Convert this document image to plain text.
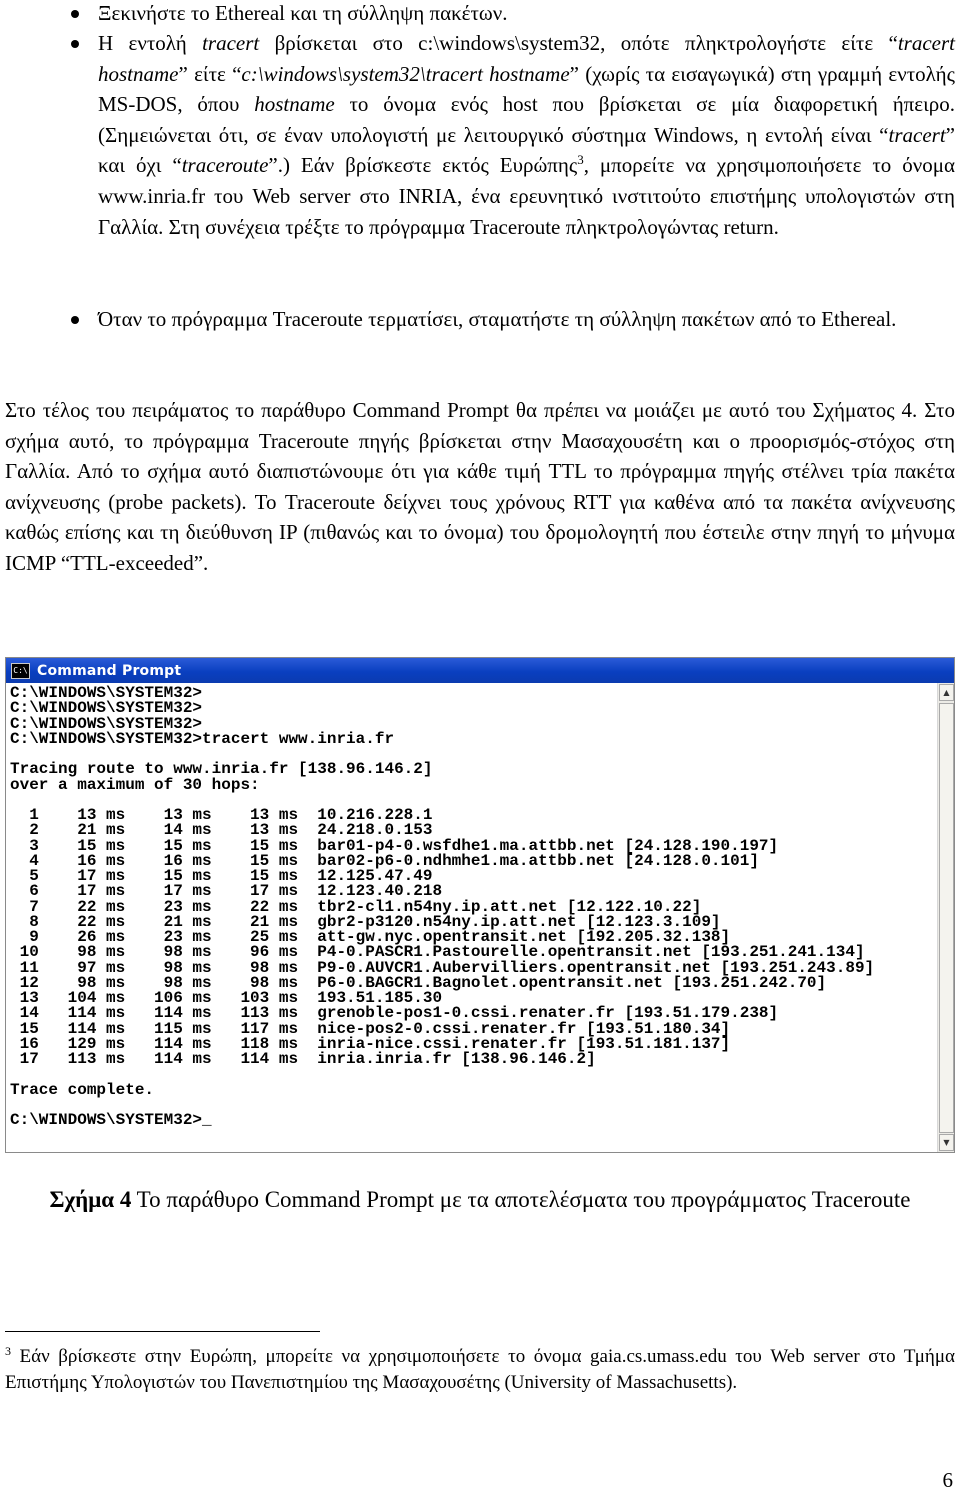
Ξεκινήστε το Ethereal και τη σύλληψη πακέτων.
Η εντολή tracert βρίσκεται στο c:\windows\system32, οπότε πληκτρολογήστε είτε “tracert hostname” είτε “c:\windows\system32\tracert hostname” (χωρίς τα εισαγωγικά) στη γραμμή εντολής MS-DOS, όπου hostname το όνομα ενός host που βρίσκεται σε μία διαφορετική ήπειρο. (Σημειώνεται ότι, σε έναν υπολογιστή με λειτουργικό σύστημα Windows, η εντολή είναι “tracert” και όχι “traceroute”.) Εάν βρίσκεστε εκτός Ευρώπης$^3$, μπορείτε να χρησιμοποιήσετε το όνομα www.inria.fr του Web server στο INRIA, ένα ερευνητικό ινστιτούτο επιστήμης υπολογιστών στη Γαλλία. Στη συνέχεια τρέξτε το πρόγραμμα Traceroute πληκτρολογώντας return.
Όταν το πρόγραμμα Traceroute τερματίσει, σταματήστε τη σύλληψη πακέτων από το Ethereal.

Στο τέλος του πειράματος το παράθυρο Command Prompt θα πρέπει να μοιάζει με αυτό του Σχήματος 4. Στο σχήμα αυτό, το πρόγραμμα Traceroute πηγής βρίσκεται στην Μασαχουσέτη και ο προορισμός-στόχος στη Γαλλία. Από το σχήμα αυτό διαπιστώνουμε ότι για κάθε τιμή TTL το πρόγραμμα πηγής στέλνει τρία πακέτα ανίχνευσης (probe packets). Το Traceroute δείχνει τους χρόνους RTT για καθένα από τα πακέτα ανίχνευσης καθώς επίσης και τη διεύθυνση IP (πιθανώς και το όνομα) του δρομολογητή που έστειλε στην πηγή το μήνυμα ICMP “TTL-exceeded”.

C:\ Command Prompt
C:\WINDOWS\SYSTEM32>
C:\WINDOWS\SYSTEM32>
C:\WINDOWS\SYSTEM32>
C:\WINDOWS\SYSTEM32>tracert www.inria.fr

Tracing route to www.inria.fr [138.96.146.2]
over a maximum of 30 hops:

1    13 ms    13 ms    13 ms  10.216.228.1
2    21 ms    14 ms    13 ms  24.218.0.153
3    15 ms    15 ms    15 ms  bar01-p4-0.wsfdhe1.ma.attbb.net [24.128.190.197]
4    16 ms    16 ms    15 ms  bar02-p6-0.ndhmhe1.ma.attbb.net [24.128.0.101]
5    17 ms    15 ms    15 ms  12.125.47.49
6    17 ms    17 ms    17 ms  12.123.40.218
7    22 ms    23 ms    22 ms  tbr2-cl1.n54ny.ip.att.net [12.122.10.22]
8    22 ms    21 ms    21 ms  gbr2-p3120.n54ny.ip.att.net [12.123.3.109]
9    26 ms    23 ms    25 ms  att-gw.nyc.opentransit.net [192.205.32.138]
10    98 ms    98 ms    96 ms  P4-0.PASCR1.Pastourelle.opentransit.net [193.251.241.134]
11    97 ms    98 ms    98 ms  P9-0.AUVCR1.Aubervilliers.opentransit.net [193.251.243.89]
12    98 ms    98 ms    98 ms  P6-0.BAGCR1.Bagnolet.opentransit.net [193.251.242.70]
13   104 ms   106 ms   103 ms  193.51.185.30
14   114 ms   114 ms   113 ms  grenoble-pos1-0.cssi.renater.fr [193.51.179.238]
15   114 ms   115 ms   117 ms  nice-pos2-0.cssi.renater.fr [193.51.180.34]
16   129 ms   114 ms   118 ms  inria-nice.cssi.renater.fr [193.51.181.137]
17   113 ms   114 ms   114 ms  inria.inria.fr [138.96.146.2]

Trace complete.

C:\WINDOWS\SYSTEM32>_
▲
▼

Σχήμα 4 Το παράθυρο Command Prompt με τα αποτελέσματα του προγράμματος Traceroute

$^3$ Εάν βρίσκεστε στην Ευρώπη, μπορείτε να χρησιμοποιήσετε το όνομα gaia.cs.umass.edu του Web server στο Τμήμα Επιστήμης Υπολογιστών του Πανεπιστημίου της Μασαχουσέτης (University of Massachusetts).

6
